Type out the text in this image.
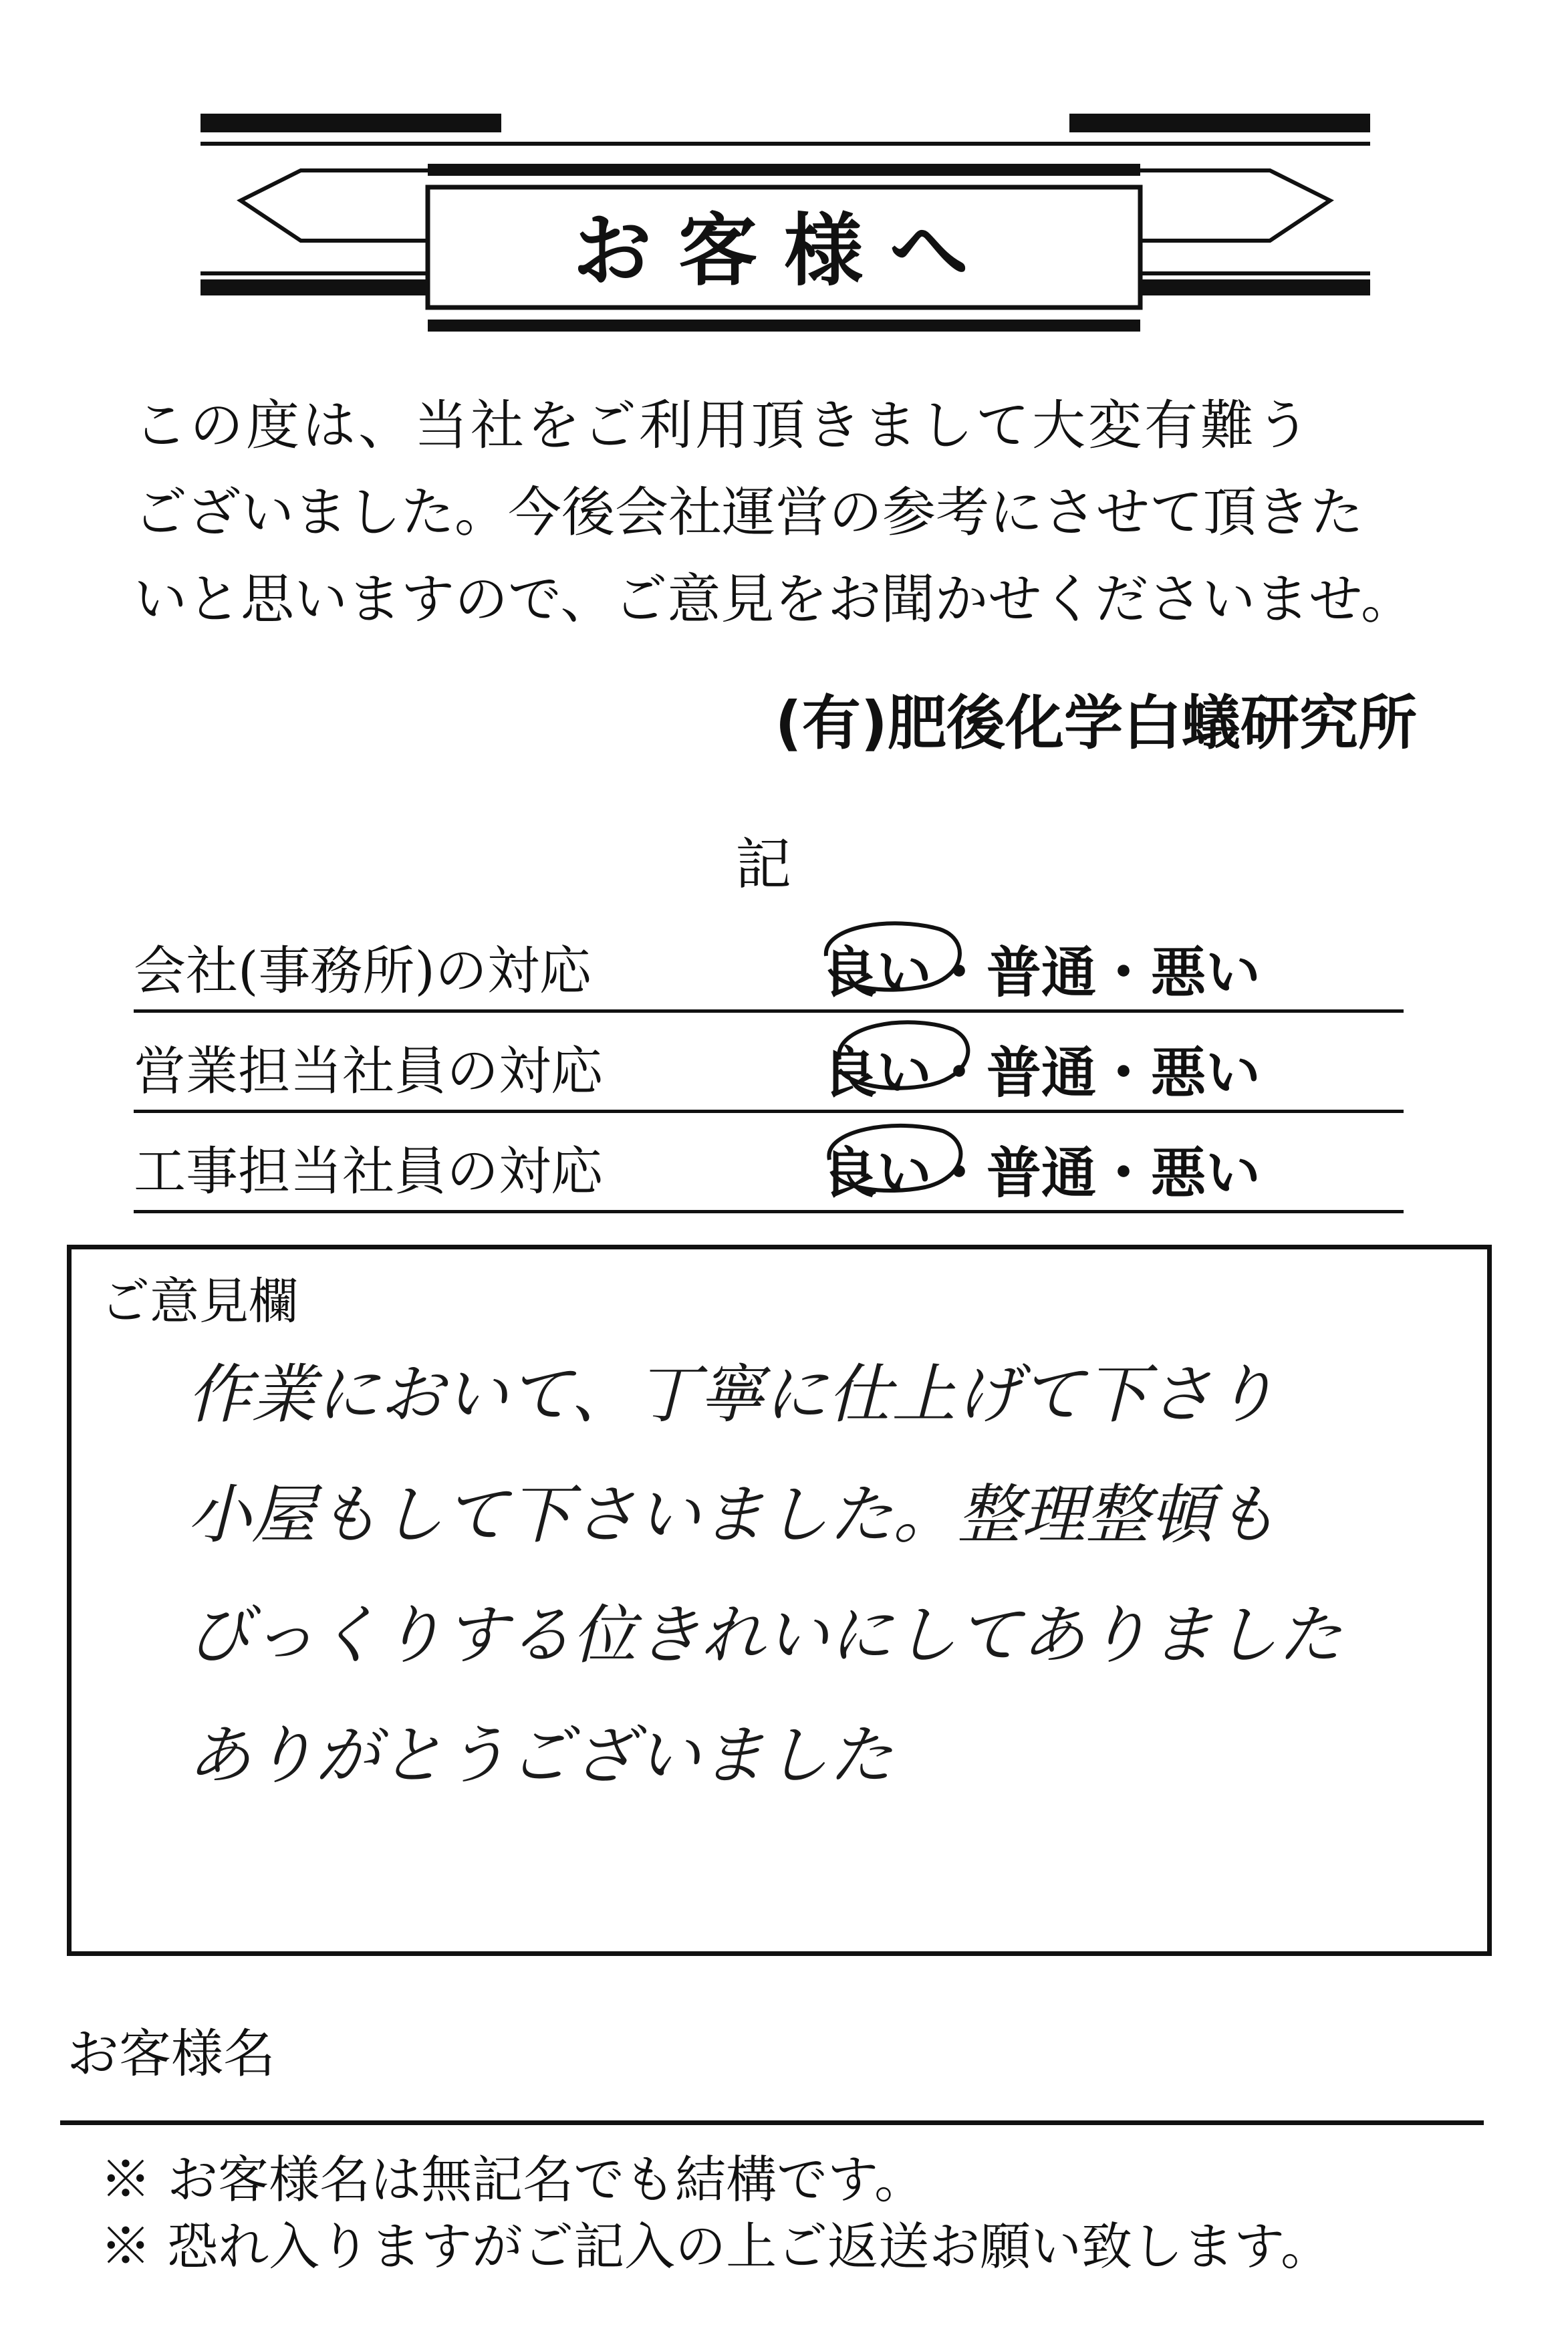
お客様へ
この度は、当社をご利用頂きまして大変有難う
ございました。今後会社運営の参考にさせて頂きた
いと思いますので、ご意見をお聞かせくださいませ。
(有)肥後化学白蟻研究所
記
会社(事務所)の対応	良い・普通・悪い
営業担当社員の対応	良い・普通・悪い
工事担当社員の対応	良い・普通・悪い
ご意見欄
作業において、丁寧に仕上げて下さり
小屋もして下さいました。整理整頓も
びっくりする位きれいにしてありました
ありがとうございました
お客様名
※ お客様名は無記名でも結構です。
※ 恐れ入りますがご記入の上ご返送お願い致します。
